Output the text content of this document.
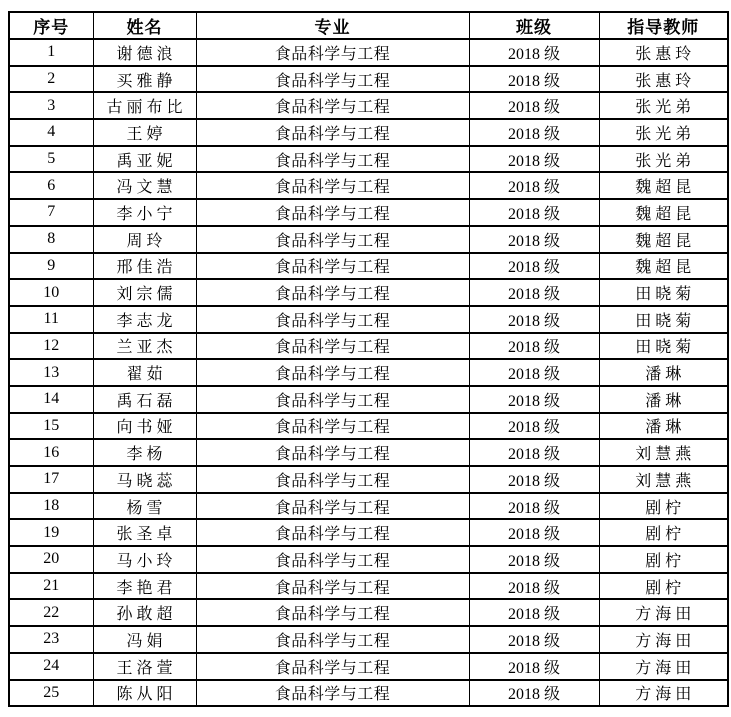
序号	姓名	专业	班级	指导教师
1	谢德浪	食品科学与工程	2018 级	张惠玲
2	买雅静	食品科学与工程	2018 级	张惠玲
3	古丽布比	食品科学与工程	2018 级	张光弟
4	王婷	食品科学与工程	2018 级	张光弟
5	禹亚妮	食品科学与工程	2018 级	张光弟
6	冯文慧	食品科学与工程	2018 级	魏超昆
7	李小宁	食品科学与工程	2018 级	魏超昆
8	周玲	食品科学与工程	2018 级	魏超昆
9	邢佳浩	食品科学与工程	2018 级	魏超昆
10	刘宗儒	食品科学与工程	2018 级	田晓菊
11	李志龙	食品科学与工程	2018 级	田晓菊
12	兰亚杰	食品科学与工程	2018 级	田晓菊
13	翟茹	食品科学与工程	2018 级	潘琳
14	禹石磊	食品科学与工程	2018 级	潘琳
15	向书娅	食品科学与工程	2018 级	潘琳
16	李杨	食品科学与工程	2018 级	刘慧燕
17	马晓蕊	食品科学与工程	2018 级	刘慧燕
18	杨雪	食品科学与工程	2018 级	剧柠
19	张圣卓	食品科学与工程	2018 级	剧柠
20	马小玲	食品科学与工程	2018 级	剧柠
21	李艳君	食品科学与工程	2018 级	剧柠
22	孙敢超	食品科学与工程	2018 级	方海田
23	冯娟	食品科学与工程	2018 级	方海田
24	王洛萱	食品科学与工程	2018 级	方海田
25	陈从阳	食品科学与工程	2018 级	方海田
